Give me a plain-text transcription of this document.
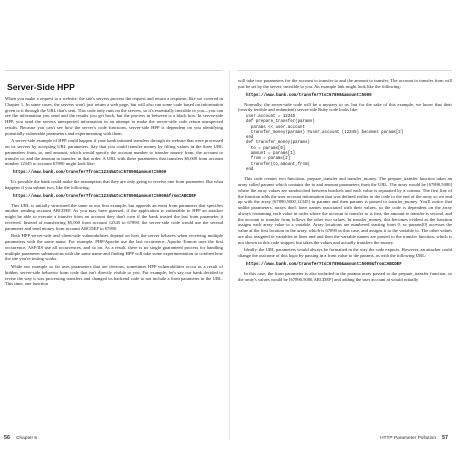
Server-Side HPP

When you make a request to a website, the site's servers process the request and return a response, like we covered in Chapter 1. In some cases, the servers won't just return a web page, but will also run some code based on information given to it through the URL that's sent. This code only runs on the servers, so it's essentially invisible to you—you can see the information you send and the results you get back, but the process in between is a black box. In server-side HPP, you send the servers unexpected information in an attempt to make the server-side code return unexpected results. Because you can't see how the server's code functions, server-side HPP is dependent on you identifying potentially vulnerable parameters and experimenting with them.

A server-side example of HPP could happen if your bank initiated transfers through its website that were processed on its servers by accepting URL parameters. Say that you could transfer money by filling values in the three URL parameters from, to, and amount, which would specify the account number to transfer money from, the account to transfer to, and the amount to transfer, in that order. A URL with these parameters that transfers $5,000 from account number 12345 to account 67890 might look like:

https://www.bank.com/transfer?from=12345&to=67890&amount=5000

It's possible the bank could make the assumption that they are only going to receive one from parameter. But what happens if you submit two, like the following:

https://www.bank.com/transfer?from=12345&to=67890&amount=5000&from=ABCDEF

This URL is initially structured the same as our first example, but appends an extra from parameter that specifies another sending account ABCDEF. As you may have guessed, if the application is vulnerable to HPP an attacker might be able to execute a transfer from an account they don't own if the bank trusted the last from parameter it received. Instead of transferring $5,000 from account 12345 to 67890, the server-side code would use the second parameter and send money from account ABCDEF to 67890.

Both HPP server-side and client-side vulnerabilities depend on how the server behaves when receiving multiple parameters with the same name. For example, PHP/Apache use the last occurrence, Apache Tomcat uses the first occurrence, ASP/IIS use all occurrences, and so on. As a result, there is no single guaranteed process for handling multiple parameter submissions with the same name and finding HPP will take some experimentation to confirm how the site you're testing works.

While our example so far uses parameters that are obvious, sometimes HPP vulnerabilities occur as a result of hidden, server-side behavior from code that isn't directly visible to you. For example, let's say our bank decided to revise the way it was processing transfers and changed its backend code to not include a from parameter in the URL. This time, one function

will take two parameters for the account to transfer to and the amount to transfer. The account to transfer from will just be set by the server, invisible to you. An example link might look like the following:

https://www.bank.com/transfer?to=67890&amount=5000

Normally, the server-side code will be a mystery to us, but for the sake of this example, we know that their (overtly terrible and redundant) server-side Ruby code looks like:

user.account = 12345
def prepare_transfer(params)
params << user.account
transfer_money(params) #user.account (12345) becomes params[2]
end
def transfer_money(params)
to = params[0]
amount = params[1]
from = params[2]
transfer(to,amount,from)
end

This code creates two functions, prepare_transfer and transfer_money. The prepare_transfer function takes an array called params which contains the to and amount parameters from the URL. The array would be [67890,5000] where the array values are sandwiched between brackets and each value is separated by a comma. The first line of the function adds the user account information that was defined earlier in the code to the end of the array so we end up with the array [67890,5000,12345] in params and then params is passed to transfer_money. You'll notice that unlike parameters, arrays don't have names associated with their values, so the code is dependent on the array always containing each value in order where the account to transfer to is first, the amount to transfer is second, and the account to transfer from follows the other two values. In transfer_money, this becomes evident as the function assigns each array value to a variable. Array locations are numbered starting from 0, so params[0] accesses the value at the first location in the array, which is 67890 in this case, and assigns it to the variable to. The other values are also assigned to variables at lines and and then the variable names are passed to the transfer function, which is not shown in this code snippet, but takes the values and actually transfers the money.

Ideally, the URL parameters would always be formatted in the way the code expects. However, an attacker could change the outcome of this logic by passing in a from value to the params, as with the following URL:

https://www.bank.com/transfer?to=67890&amount=5000&from=ABCDEF

In this case, the from parameter is also included in the params array passed to the prepare_transfer function, so the array's values would be [67890,5000,ABCDEF] and adding the user account at would actually

56 Chapter 5	HTTP Parameter Pollution 57
